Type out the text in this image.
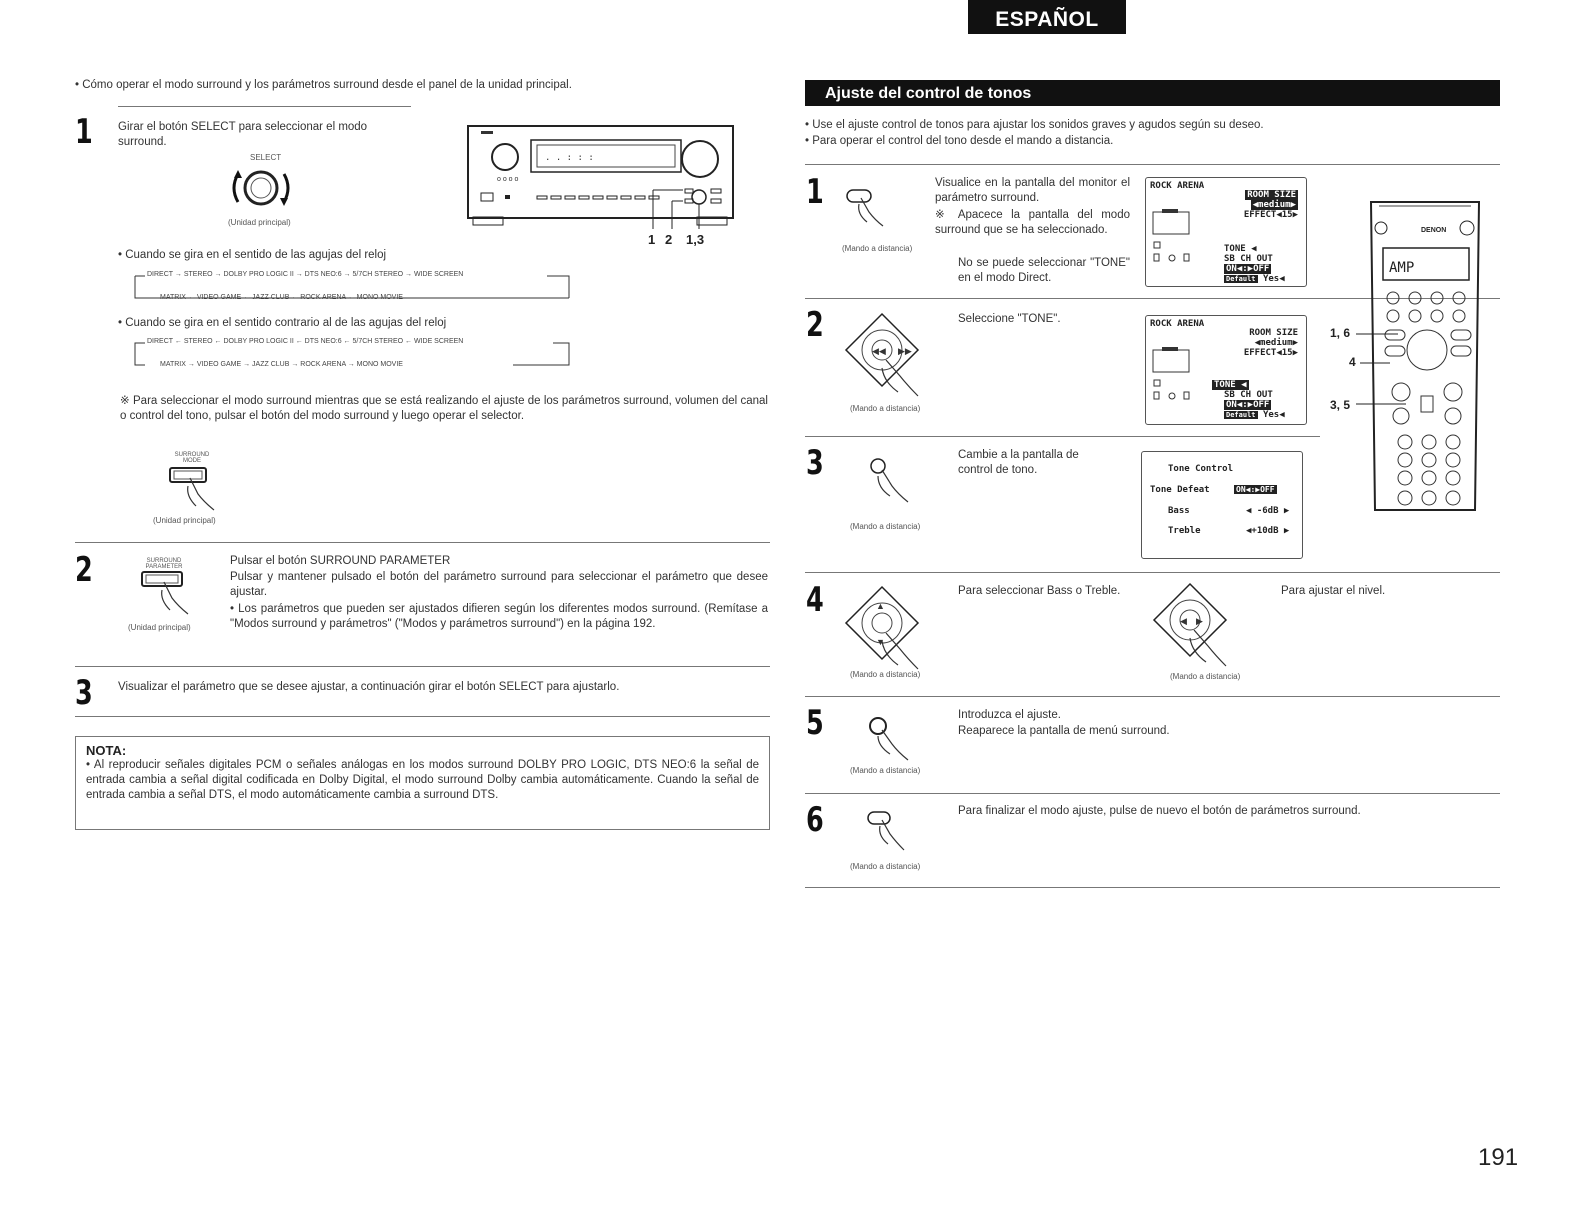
ESPAÑOL
• Cómo operar el modo surround y los parámetros surround desde el panel de la unidad principal.
1 Girar el botón SELECT para seleccionar el modo surround.
SELECT
(Unidad principal)
. . : : :
o o o o
1 2 1,3
• Cuando se gira en el sentido de las agujas del reloj
DIRECT → STEREO → DOLBY PRO LOGIC II → DTS NEO:6 → 5/7CH STEREO → WIDE SCREEN
MATRIX ← VIDEO GAME ← JAZZ CLUB ← ROCK ARENA ← MONO MOVIE
• Cuando se gira en el sentido contrario al de las agujas del reloj
DIRECT ← STEREO ← DOLBY PRO LOGIC II ← DTS NEO:6 ← 5/7CH STEREO ← WIDE SCREEN
MATRIX → VIDEO GAME → JAZZ CLUB → ROCK ARENA → MONO MOVIE
※ Para seleccionar el modo surround mientras que se está realizando el ajuste de los parámetros surround, volumen del canal o control del tono, pulsar el botón del modo surround y luego operar el selector.
SURROUND MODE
(Unidad principal)
2	SURROUND PARAMETER
(Unidad principal)
Pulsar el botón SURROUND PARAMETER
Pulsar y mantener pulsado el botón del parámetro surround para seleccionar el parámetro que desee ajustar.
• Los parámetros que pueden ser ajustados difieren según los diferentes modos surround. (Remítase a "Modos surround y parámetros" ("Modos y parámetros surround") en la página 192.
3 Visualizar el parámetro que se desee ajustar, a continuación girar el botón SELECT para ajustarlo.
NOTA:
• Al reproducir señales digitales PCM o señales análogas en los modos surround DOLBY PRO LOGIC, DTS NEO:6 la señal de entrada cambia a señal digital codificada en Dolby Digital, el modo surround Dolby cambia automáticamente. Cuando la señal de entrada cambia a señal DTS, el modo automáticamente cambia a surround DTS.
Ajuste del control de tonos
• Use el ajuste control de tonos para ajustar los sonidos graves y agudos según su deseo.
• Para operar el control del tono desde el mando a distancia.
1
(Mando a distancia)
Visualice en la pantalla del monitor el parámetro surround.
※ Apacece la pantalla del modo surround que se ha seleccionado.
No se puede seleccionar "TONE" en el modo Direct.
ROCK ARENA
ROOM SIZE
◀medium▶
EFFECT◀15▶
TONE ◀
SB CH OUT
ON◀:▶OFF
Default Yes◀
2
◀◀ ▶▶
(Mando a distancia)
Seleccione "TONE".	ROCK ARENA
ROOM SIZE
◀medium▶
EFFECT◀15▶
TONE ◀
SB CH OUT
ON◀:▶OFF
Default Yes◀
3
(Mando a distancia)
Cambie a la pantalla de control de tono.	Tone Control
Tone Defeat	ON◀:▶OFF
Bass	◀ -6dB ▶
Treble	◀+10dB ▶
DENON
AMP
1, 6
4
3, 5
4	▲
▼
(Mando a distancia)
Para seleccionar Bass o Treble.
◀ ▶
(Mando a distancia)
Para ajustar el nivel.
5
(Mando a distancia)
Introduzca el ajuste.
Reaparece la pantalla de menú surround.
6
(Mando a distancia)
Para finalizar el modo ajuste, pulse de nuevo el botón de parámetros surround.
191
